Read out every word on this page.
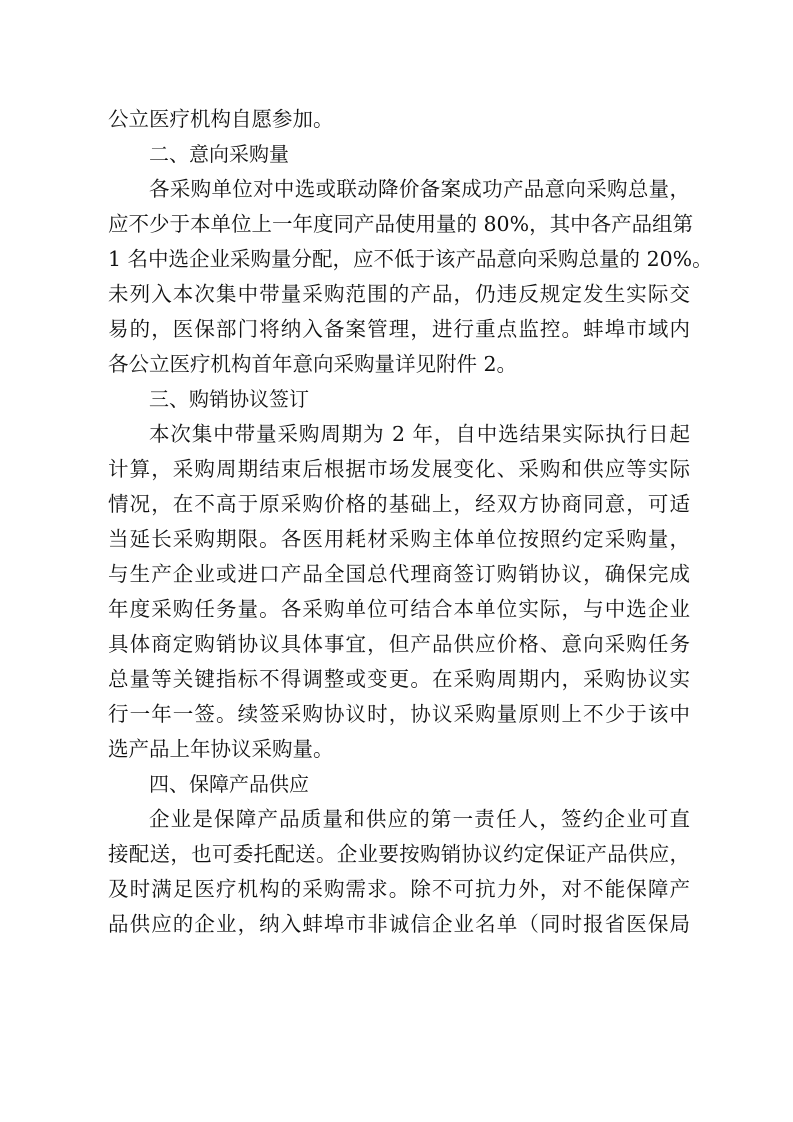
公立医疗机构自愿参加。
二、意向采购量
各采购单位对中选或联动降价备案成功产品意向采购总量，
应不少于本单位上一年度同产品使用量的 80%，其中各产品组第
1 名中选企业采购量分配，应不低于该产品意向采购总量的 20%。
未列入本次集中带量采购范围的产品，仍违反规定发生实际交
易的，医保部门将纳入备案管理，进行重点监控。蚌埠市域内
各公立医疗机构首年意向采购量详见附件 2。
三、购销协议签订
本次集中带量采购周期为 2 年，自中选结果实际执行日起
计算，采购周期结束后根据市场发展变化、采购和供应等实际
情况，在不高于原采购价格的基础上，经双方协商同意，可适
当延长采购期限。各医用耗材采购主体单位按照约定采购量，
与生产企业或进口产品全国总代理商签订购销协议，确保完成
年度采购任务量。各采购单位可结合本单位实际，与中选企业
具体商定购销协议具体事宜，但产品供应价格、意向采购任务
总量等关键指标不得调整或变更。在采购周期内，采购协议实
行一年一签。续签采购协议时，协议采购量原则上不少于该中
选产品上年协议采购量。
四、保障产品供应
企业是保障产品质量和供应的第一责任人，签约企业可直
接配送，也可委托配送。企业要按购销协议约定保证产品供应，
及时满足医疗机构的采购需求。除不可抗力外，对不能保障产
品供应的企业，纳入蚌埠市非诚信企业名单（同时报省医保局
